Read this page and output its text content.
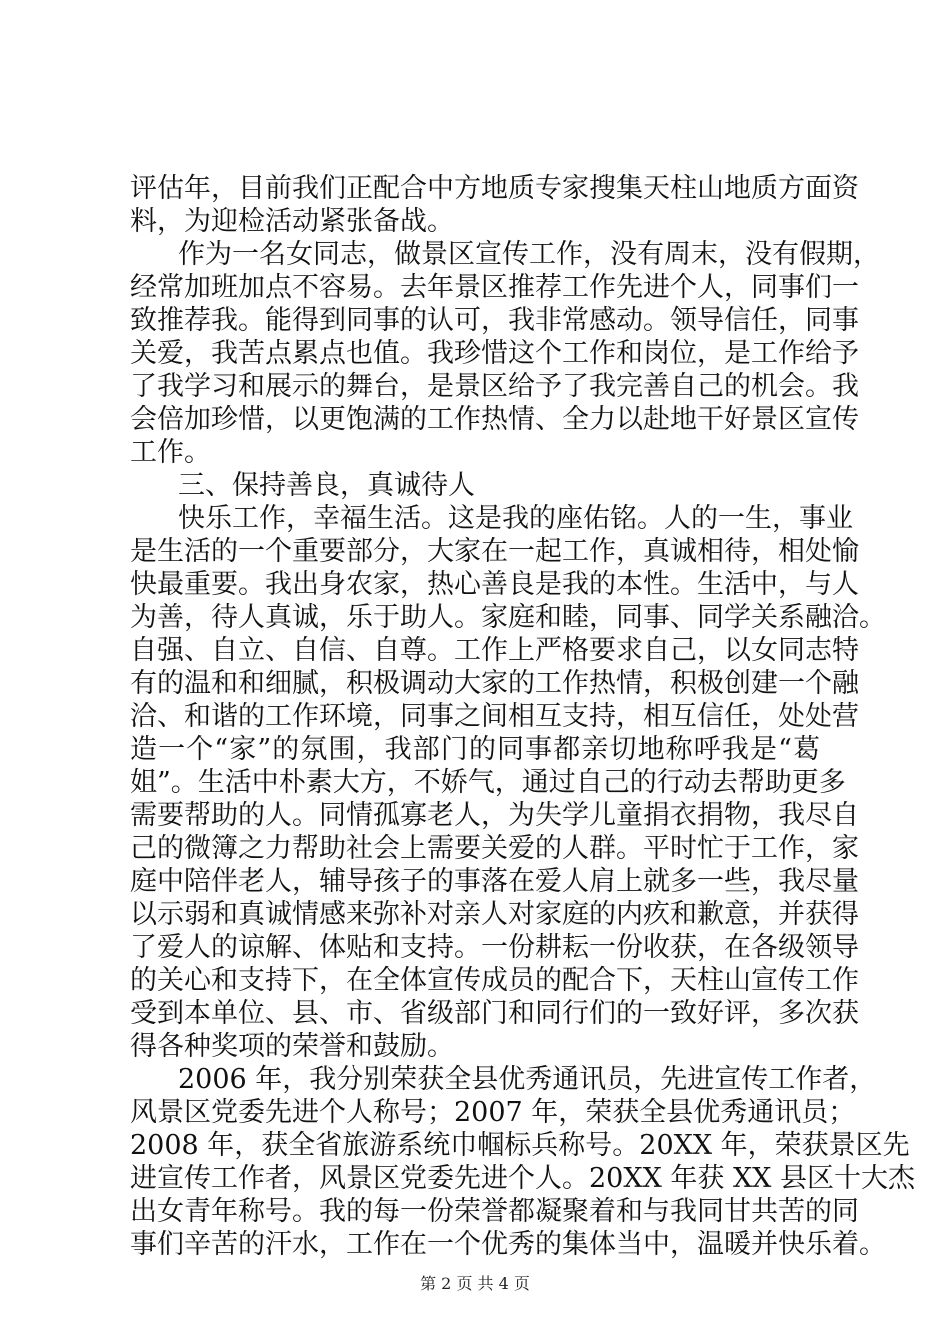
评估年，目前我们正配合中方地质专家搜集天柱山地质方面资
料，为迎检活动紧张备战。
作为一名女同志，做景区宣传工作，没有周末，没有假期，
经常加班加点不容易。去年景区推荐工作先进个人，同事们一
致推荐我。能得到同事的认可，我非常感动。领导信任，同事
关爱，我苦点累点也值。我珍惜这个工作和岗位，是工作给予
了我学习和展示的舞台，是景区给予了我完善自己的机会。我
会倍加珍惜，以更饱满的工作热情、全力以赴地干好景区宣传
工作。
三、保持善良，真诚待人
快乐工作，幸福生活。这是我的座佑铭。人的一生，事业
是生活的一个重要部分，大家在一起工作，真诚相待，相处愉
快最重要。我出身农家，热心善良是我的本性。生活中，与人
为善，待人真诚，乐于助人。家庭和睦，同事、同学关系融洽。
自强、自立、自信、自尊。工作上严格要求自己，以女同志特
有的温和和细腻，积极调动大家的工作热情，积极创建一个融
洽、和谐的工作环境，同事之间相互支持，相互信任，处处营
造一个“家”的氛围，我部门的同事都亲切地称呼我是“葛
姐”。生活中朴素大方，不娇气，通过自己的行动去帮助更多
需要帮助的人。同情孤寡老人，为失学儿童捐衣捐物，我尽自
己的微簿之力帮助社会上需要关爱的人群。平时忙于工作，家
庭中陪伴老人，辅导孩子的事落在爱人肩上就多一些，我尽量
以示弱和真诚情感来弥补对亲人对家庭的内疚和歉意，并获得
了爱人的谅解、体贴和支持。一份耕耘一份收获，在各级领导
的关心和支持下，在全体宣传成员的配合下，天柱山宣传工作
受到本单位、县、市、省级部门和同行们的一致好评，多次获
得各种奖项的荣誉和鼓励。
2006 年，我分别荣获全县优秀通讯员，先进宣传工作者，
风景区党委先进个人称号；2007 年，荣获全县优秀通讯员；
2008 年，获全省旅游系统巾帼标兵称号。20XX 年，荣获景区先
进宣传工作者，风景区党委先进个人。20XX 年获 XX 县区十大杰
出女青年称号。我的每一份荣誉都凝聚着和与我同甘共苦的同
事们辛苦的汗水，工作在一个优秀的集体当中，温暖并快乐着。
第 2 页 共 4 页
